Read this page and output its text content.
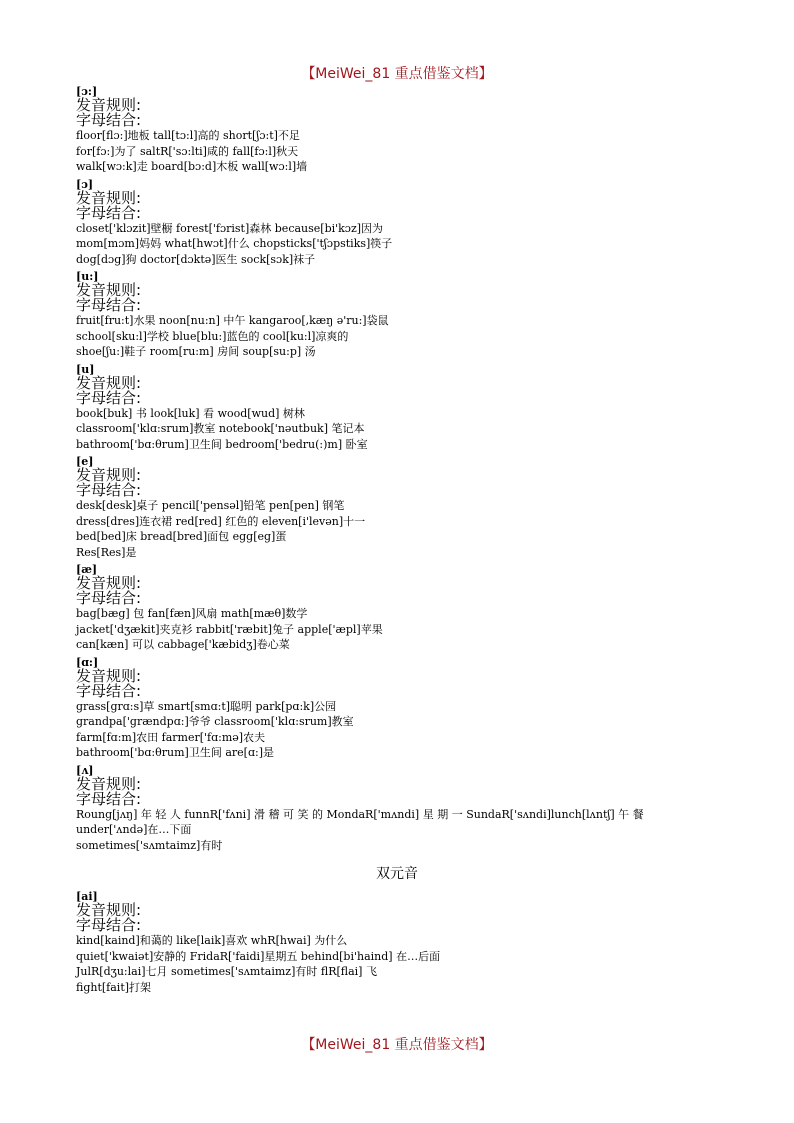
【MeiWei_81 重点借鉴文档】
[ɔ:]
发音规则:
字母结合:
floor[flɔ:]地板 tall[tɔ:l]高的 short[ʃɔ:t]不足
for[fɔ:]为了 saltR['sɔ:lti]咸的 fall[fɔ:l]秋天
walk[wɔ:k]走 board[bɔ:d]木板 wall[wɔ:l]墙
[ɔ]
发音规则:
字母结合:
closet['klɔzit]壁橱 forest['fɔrist]森林 because[bi'kɔz]因为
mom[mɔm]妈妈 what[hwɔt]什么 chopsticks['tʃɔpstiks]筷子
dog[dɔg]狗 doctor[dɔktə]医生 sock[sɔk]袜子
[u:]
发音规则:
字母结合:
fruit[fru:t]水果 noon[nu:n] 中午 kangaroo[,kæŋ ə'ru:]袋鼠
school[sku:l]学校 blue[blu:]蓝色的 cool[ku:l]凉爽的
shoe[ʃu:]鞋子 room[ru:m] 房间 soup[su:p] 汤
[u]
发音规则:
字母结合:
book[buk] 书 look[luk] 看 wood[wud] 树林
classroom['klɑ:srum]教室 notebook['nəutbuk] 笔记本
bathroom['bɑ:θrum]卫生间 bedroom['bedru(:)m] 卧室
[e]
发音规则:
字母结合:
desk[desk]桌子 pencil['pensəl]铅笔 pen[pen] 钢笔
dress[dres]连衣裙 red[red] 红色的 eleven[i'levən]十一
bed[bed]床 bread[bred]面包 egg[eg]蛋
Res[Res]是
[æ]
发音规则:
字母结合:
bag[bæg] 包 fan[fæn]风扇 math[mæθ]数学
jacket['dʒækit]夹克衫 rabbit['ræbit]兔子 apple['æpl]苹果
can[kæn] 可以 cabbage['kæbidʒ]卷心菜
[ɑ:]
发音规则:
字母结合:
grass[grɑ:s]草 smart[smɑ:t]聪明 park[pɑ:k]公园
grandpa['grændpɑ:]爷爷 classroom['klɑ:srum]教室
farm[fɑ:m]农田 farmer['fɑ:mə]农夫
bathroom['bɑ:θrum]卫生间 are[ɑ:]是
[ʌ]
发音规则:
字母结合:
Roung[jʌŋ] 年 轻 人 funnR['fʌni] 滑 稽 可 笑 的 MondaR['mʌndi] 星 期 一 SundaR['sʌndi]lunch[lʌntʃ] 午 餐
under['ʌndə]在…下面
sometimes['sʌmtaimz]有时
双元音
[ai]
发音规则:
字母结合:
kind[kaind]和蔼的 like[laik]喜欢 whR[hwai] 为什么
quiet['kwaiət]安静的 FridaR['faidi]星期五 behind[bi'haind] 在…后面
JulR[dʒu:lai]七月 sometimes['sʌmtaimz]有时 flR[flai] 飞
fight[fait]打架
【MeiWei_81 重点借鉴文档】
